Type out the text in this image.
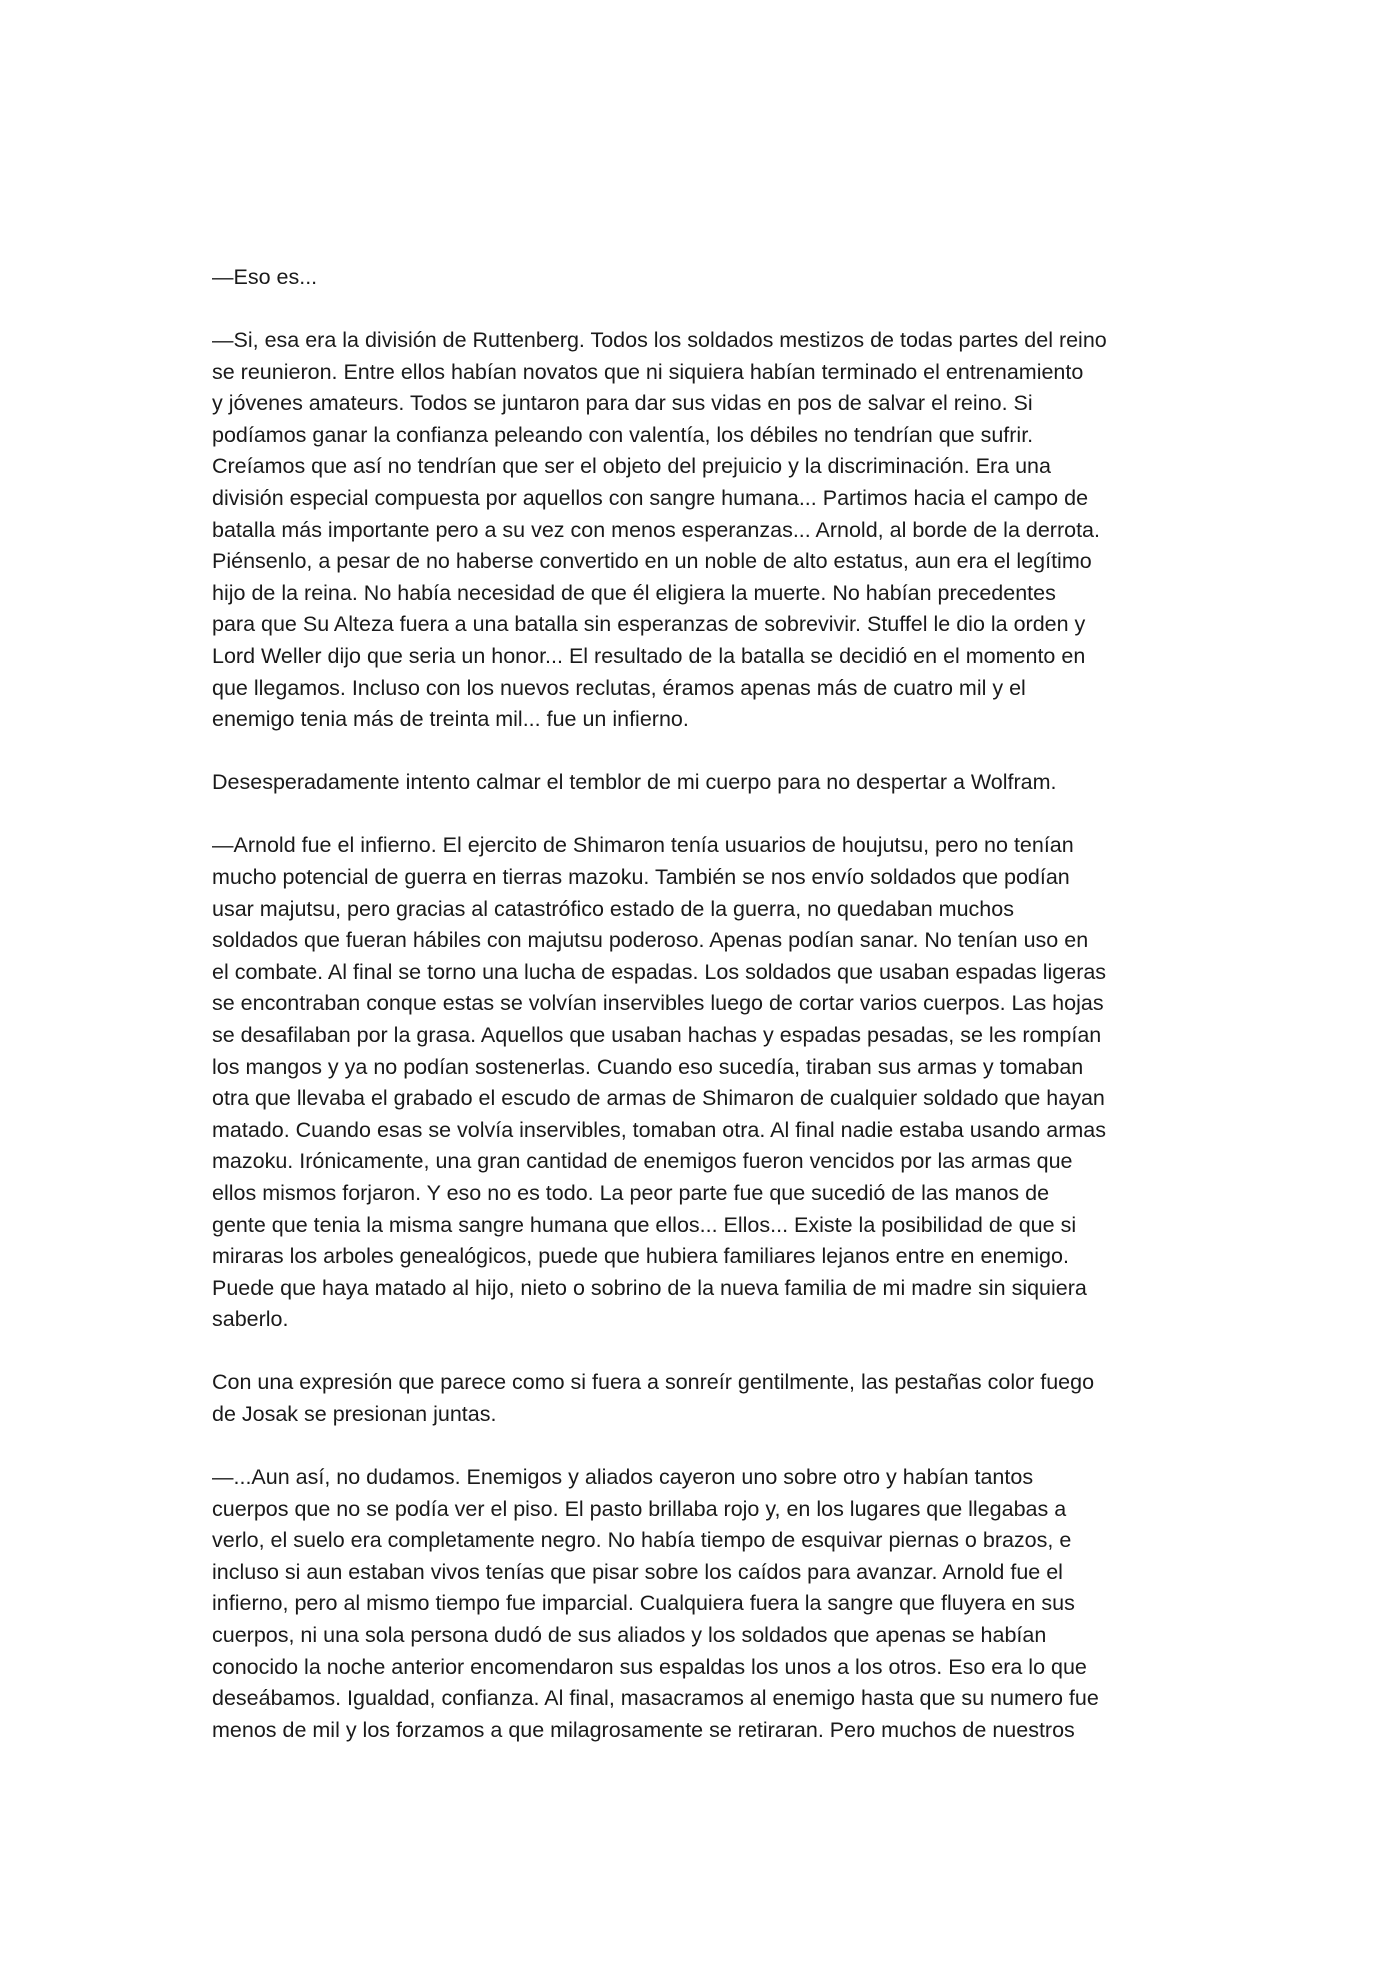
—Eso es...

—Si, esa era la división de Ruttenberg. Todos los soldados mestizos de todas partes del reino
se reunieron. Entre ellos habían novatos que ni siquiera habían terminado el entrenamiento
y jóvenes amateurs. Todos se juntaron para dar sus vidas en pos de salvar el reino. Si
podíamos ganar la confianza peleando con valentía, los débiles no tendrían que sufrir.
Creíamos que así no tendrían que ser el objeto del prejuicio y la discriminación. Era una
división especial compuesta por aquellos con sangre humana... Partimos hacia el campo de
batalla más importante pero a su vez con menos esperanzas... Arnold, al borde de la derrota.
Piénsenlo, a pesar de no haberse convertido en un noble de alto estatus, aun era el legítimo
hijo de la reina. No había necesidad de que él eligiera la muerte. No habían precedentes
para que Su Alteza fuera a una batalla sin esperanzas de sobrevivir. Stuffel le dio la orden y
Lord Weller dijo que seria un honor... El resultado de la batalla se decidió en el momento en
que llegamos. Incluso con los nuevos reclutas, éramos apenas más de cuatro mil y el
enemigo tenia más de treinta mil... fue un infierno.

Desesperadamente intento calmar el temblor de mi cuerpo para no despertar a Wolfram.

—Arnold fue el infierno. El ejercito de Shimaron tenía usuarios de houjutsu, pero no tenían
mucho potencial de guerra en tierras mazoku. También se nos envío soldados que podían
usar majutsu, pero gracias al catastrófico estado de la guerra, no quedaban muchos
soldados que fueran hábiles con majutsu poderoso. Apenas podían sanar. No tenían uso en
el combate. Al final se torno una lucha de espadas. Los soldados que usaban espadas ligeras
se encontraban conque estas se volvían inservibles luego de cortar varios cuerpos. Las hojas
se desafilaban por la grasa. Aquellos que usaban hachas y espadas pesadas, se les rompían
los mangos y ya no podían sostenerlas. Cuando eso sucedía, tiraban sus armas y tomaban
otra que llevaba el grabado el escudo de armas de Shimaron de cualquier soldado que hayan
matado. Cuando esas se volvía inservibles, tomaban otra. Al final nadie estaba usando armas
mazoku. Irónicamente, una gran cantidad de enemigos fueron vencidos por las armas que
ellos mismos forjaron. Y eso no es todo. La peor parte fue que sucedió de las manos de
gente que tenia la misma sangre humana que ellos... Ellos... Existe la posibilidad de que si
miraras los arboles genealógicos, puede que hubiera familiares lejanos entre en enemigo.
Puede que haya matado al hijo, nieto o sobrino de la nueva familia de mi madre sin siquiera
saberlo.

Con una expresión que parece como si fuera a sonreír gentilmente, las pestañas color fuego
de Josak se presionan juntas.

—...Aun así, no dudamos. Enemigos y aliados cayeron uno sobre otro y habían tantos
cuerpos que no se podía ver el piso. El pasto brillaba rojo y, en los lugares que llegabas a
verlo, el suelo era completamente negro. No había tiempo de esquivar piernas o brazos, e
incluso si aun estaban vivos tenías que pisar sobre los caídos para avanzar. Arnold fue el
infierno, pero al mismo tiempo fue imparcial. Cualquiera fuera la sangre que fluyera en sus
cuerpos, ni una sola persona dudó de sus aliados y los soldados que apenas se habían
conocido la noche anterior encomendaron sus espaldas los unos a los otros. Eso era lo que
deseábamos. Igualdad, confianza. Al final, masacramos al enemigo hasta que su numero fue
menos de mil y los forzamos a que milagrosamente se retiraran. Pero muchos de nuestros
